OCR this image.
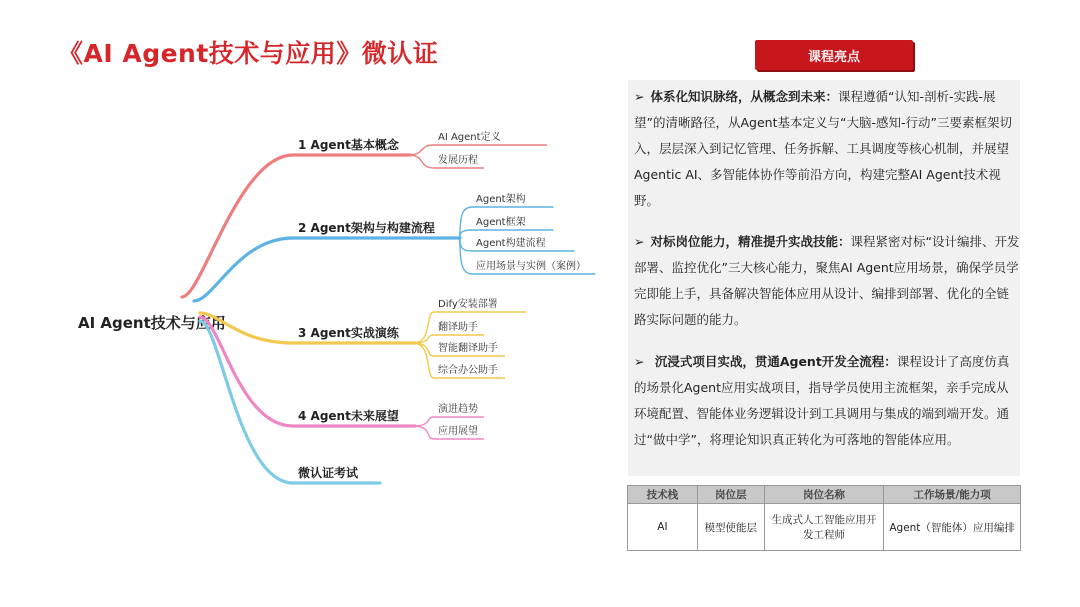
《AI Agent技术与应用》微认证
AI Agent技术与应用
1 Agent基本概念
AI Agent定义
发展历程
2 Agent架构与构建流程
Agent架构
Agent框架
Agent构建流程
应用场景与实例（案例）
3 Agent实战演练
Dify安装部署
翻译助手
智能翻译助手
综合办公助手
4 Agent未来展望	演进趋势
应用展望
微认证考试
课程亮点
➢ 体系化知识脉络，从概念到未来：课程遵循“认知-剖析-实践-展望”的清晰路径，从Agent基本定义与“大脑-感知-行动”三要素框架切入，层层深入到记忆管理、任务拆解、工具调度等核心机制，并展望Agentic AI、多智能体协作等前沿方向，构建完整AI Agent技术视野。
➢ 对标岗位能力，精准提升实战技能：课程紧密对标“设计编排、开发部署、监控优化”三大核心能力，聚焦AI Agent应用场景，确保学员学完即能上手，具备解决智能体应用从设计、编排到部署、优化的全链路实际问题的能力。
➢ 沉浸式项目实战，贯通Agent开发全流程：课程设计了高度仿真的场景化Agent应用实战项目，指导学员使用主流框架，亲手完成从环境配置、智能体业务逻辑设计到工具调用与集成的端到端开发。通过“做中学”，将理论知识真正转化为可落地的智能体应用。
技术栈	岗位层	岗位名称	工作场景/能力项
AI	模型使能层	生成式人工智能应用开发工程师	Agent（智能体）应用编排
